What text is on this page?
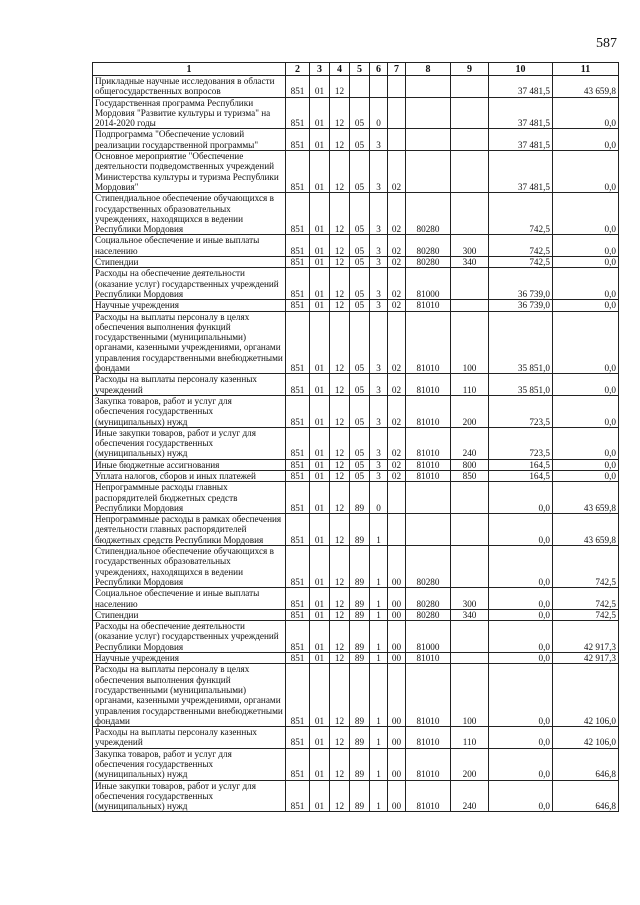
587
1	2	3	4	5	6	7	8	9	10	11
Прикладные научные исследования в области общегосударственных вопросов	851	01	12						37 481,5	43 659,8
Государственная программа Республики Мордовия "Развитие культуры и туризма" на 2014-2020 годы	851	01	12	05	0				37 481,5	0,0
Подпрограмма "Обеспечение условий реализации государственной программы"	851	01	12	05	3				37 481,5	0,0
Основное мероприятие "Обеспечение деятельности подведомственных учреждений Министерства культуры и туризма Республики Мордовия"	851	01	12	05	3	02			37 481,5	0,0
Стипендиальное обеспечение обучающихся в государственных образовательных учреждениях, находящихся в ведении Республики Мордовия	851	01	12	05	3	02	80280		742,5	0,0
Социальное обеспечение и иные выплаты населению	851	01	12	05	3	02	80280	300	742,5	0,0
Стипендии	851	01	12	05	3	02	80280	340	742,5	0,0
Расходы на обеспечение деятельности (оказание услуг) государственных учреждений Республики Мордовия	851	01	12	05	3	02	81000		36 739,0	0,0
Научные учреждения	851	01	12	05	3	02	81010		36 739,0	0,0
Расходы на выплаты персоналу в целях обеспечения выполнения функций государственными (муниципальными) органами, казенными учреждениями, органами управления государственными внебюджетными фондами	851	01	12	05	3	02	81010	100	35 851,0	0,0
Расходы на выплаты персоналу казенных учреждений	851	01	12	05	3	02	81010	110	35 851,0	0,0
Закупка товаров, работ и услуг для обеспечения государственных (муниципальных) нужд	851	01	12	05	3	02	81010	200	723,5	0,0
Иные закупки товаров, работ и услуг для обеспечения государственных (муниципальных) нужд	851	01	12	05	3	02	81010	240	723,5	0,0
Иные бюджетные ассигнования	851	01	12	05	3	02	81010	800	164,5	0,0
Уплата налогов, сборов и иных платежей	851	01	12	05	3	02	81010	850	164,5	0,0
Непрограммные расходы главных распорядителей бюджетных средств Республики Мордовия	851	01	12	89	0				0,0	43 659,8
Непрограммные расходы в рамках обеспечения деятельности главных распорядителей бюджетных средств Республики Мордовия	851	01	12	89	1				0,0	43 659,8
Стипендиальное обеспечение обучающихся в государственных образовательных учреждениях, находящихся в ведении Республики Мордовия	851	01	12	89	1	00	80280		0,0	742,5
Социальное обеспечение и иные выплаты населению	851	01	12	89	1	00	80280	300	0,0	742,5
Стипендии	851	01	12	89	1	00	80280	340	0,0	742,5
Расходы на обеспечение деятельности (оказание услуг) государственных учреждений Республики Мордовия	851	01	12	89	1	00	81000		0,0	42 917,3
Научные учреждения	851	01	12	89	1	00	81010		0,0	42 917,3
Расходы на выплаты персоналу в целях обеспечения выполнения функций государственными (муниципальными) органами, казенными учреждениями, органами управления государственными внебюджетными фондами	851	01	12	89	1	00	81010	100	0,0	42 106,0
Расходы на выплаты персоналу казенных учреждений	851	01	12	89	1	00	81010	110	0,0	42 106,0
Закупка товаров, работ и услуг для обеспечения государственных (муниципальных) нужд	851	01	12	89	1	00	81010	200	0,0	646,8
Иные закупки товаров, работ и услуг для обеспечения государственных (муниципальных) нужд	851	01	12	89	1	00	81010	240	0,0	646,8
